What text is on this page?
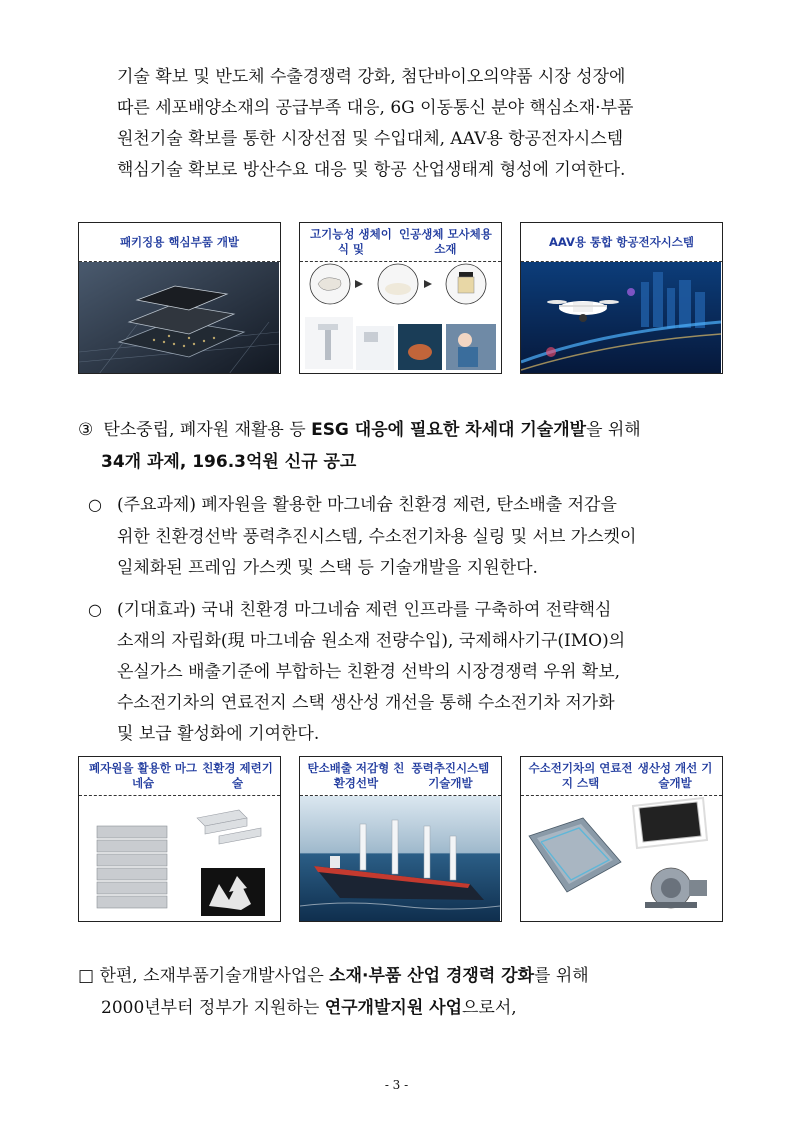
기술 확보 및 반도체 수출경쟁력 강화, 첨단바이오의약품 시장 성장에

따른 세포배양소재의 공급부족 대응, 6G 이동통신 분야 핵심소재·부품

원천기술 확보를 통한 시장선점 및 수입대체, AAV용 항공전자시스템

핵심기술 확보로 방산수요 대응 및 항공 산업생태계 형성에 기여한다.

패키징용 핵심부품 개발
고기능성 생체이식 및

인공생체 모사체용 소재
AAV용 통합 항공전자시스템

③ 탄소중립, 폐자원 재활용 등 ESG 대응에 필요한 차세대 기술개발을 위해

34개 과제, 196.3억원 신규 공고

○ (주요과제) 폐자원을 활용한 마그네슘 친환경 제련, 탄소배출 저감을

위한 친환경선박 풍력추진시스템, 수소전기차용 실링 및 서브 가스켓이

일체화된 프레임 가스켓 및 스택 등 기술개발을 지원한다.

○ (기대효과) 국내 친환경 마그네슘 제련 인프라를 구축하여 전략핵심

소재의 자립화(現 마그네슘 원소재 전량수입), 국제해사기구(IMO)의

온실가스 배출기준에 부합하는 친환경 선박의 시장경쟁력 우위 확보,

수소전기차의 연료전지 스택 생산성 개선을 통해 수소전기차 저가화

및 보급 활성화에 기여한다.

폐자원을 활용한 마그네슘

친환경 제련기술
탄소배출 저감형 친환경선박

풍력추진시스템 기술개발
수소전기차의 연료전지 스택

생산성 개선 기술개발

□ 한편, 소재부품기술개발사업은 소재·부품 산업 경쟁력 강화를 위해

2000년부터 정부가 지원하는 연구개발지원 사업으로서,

- 3 -
